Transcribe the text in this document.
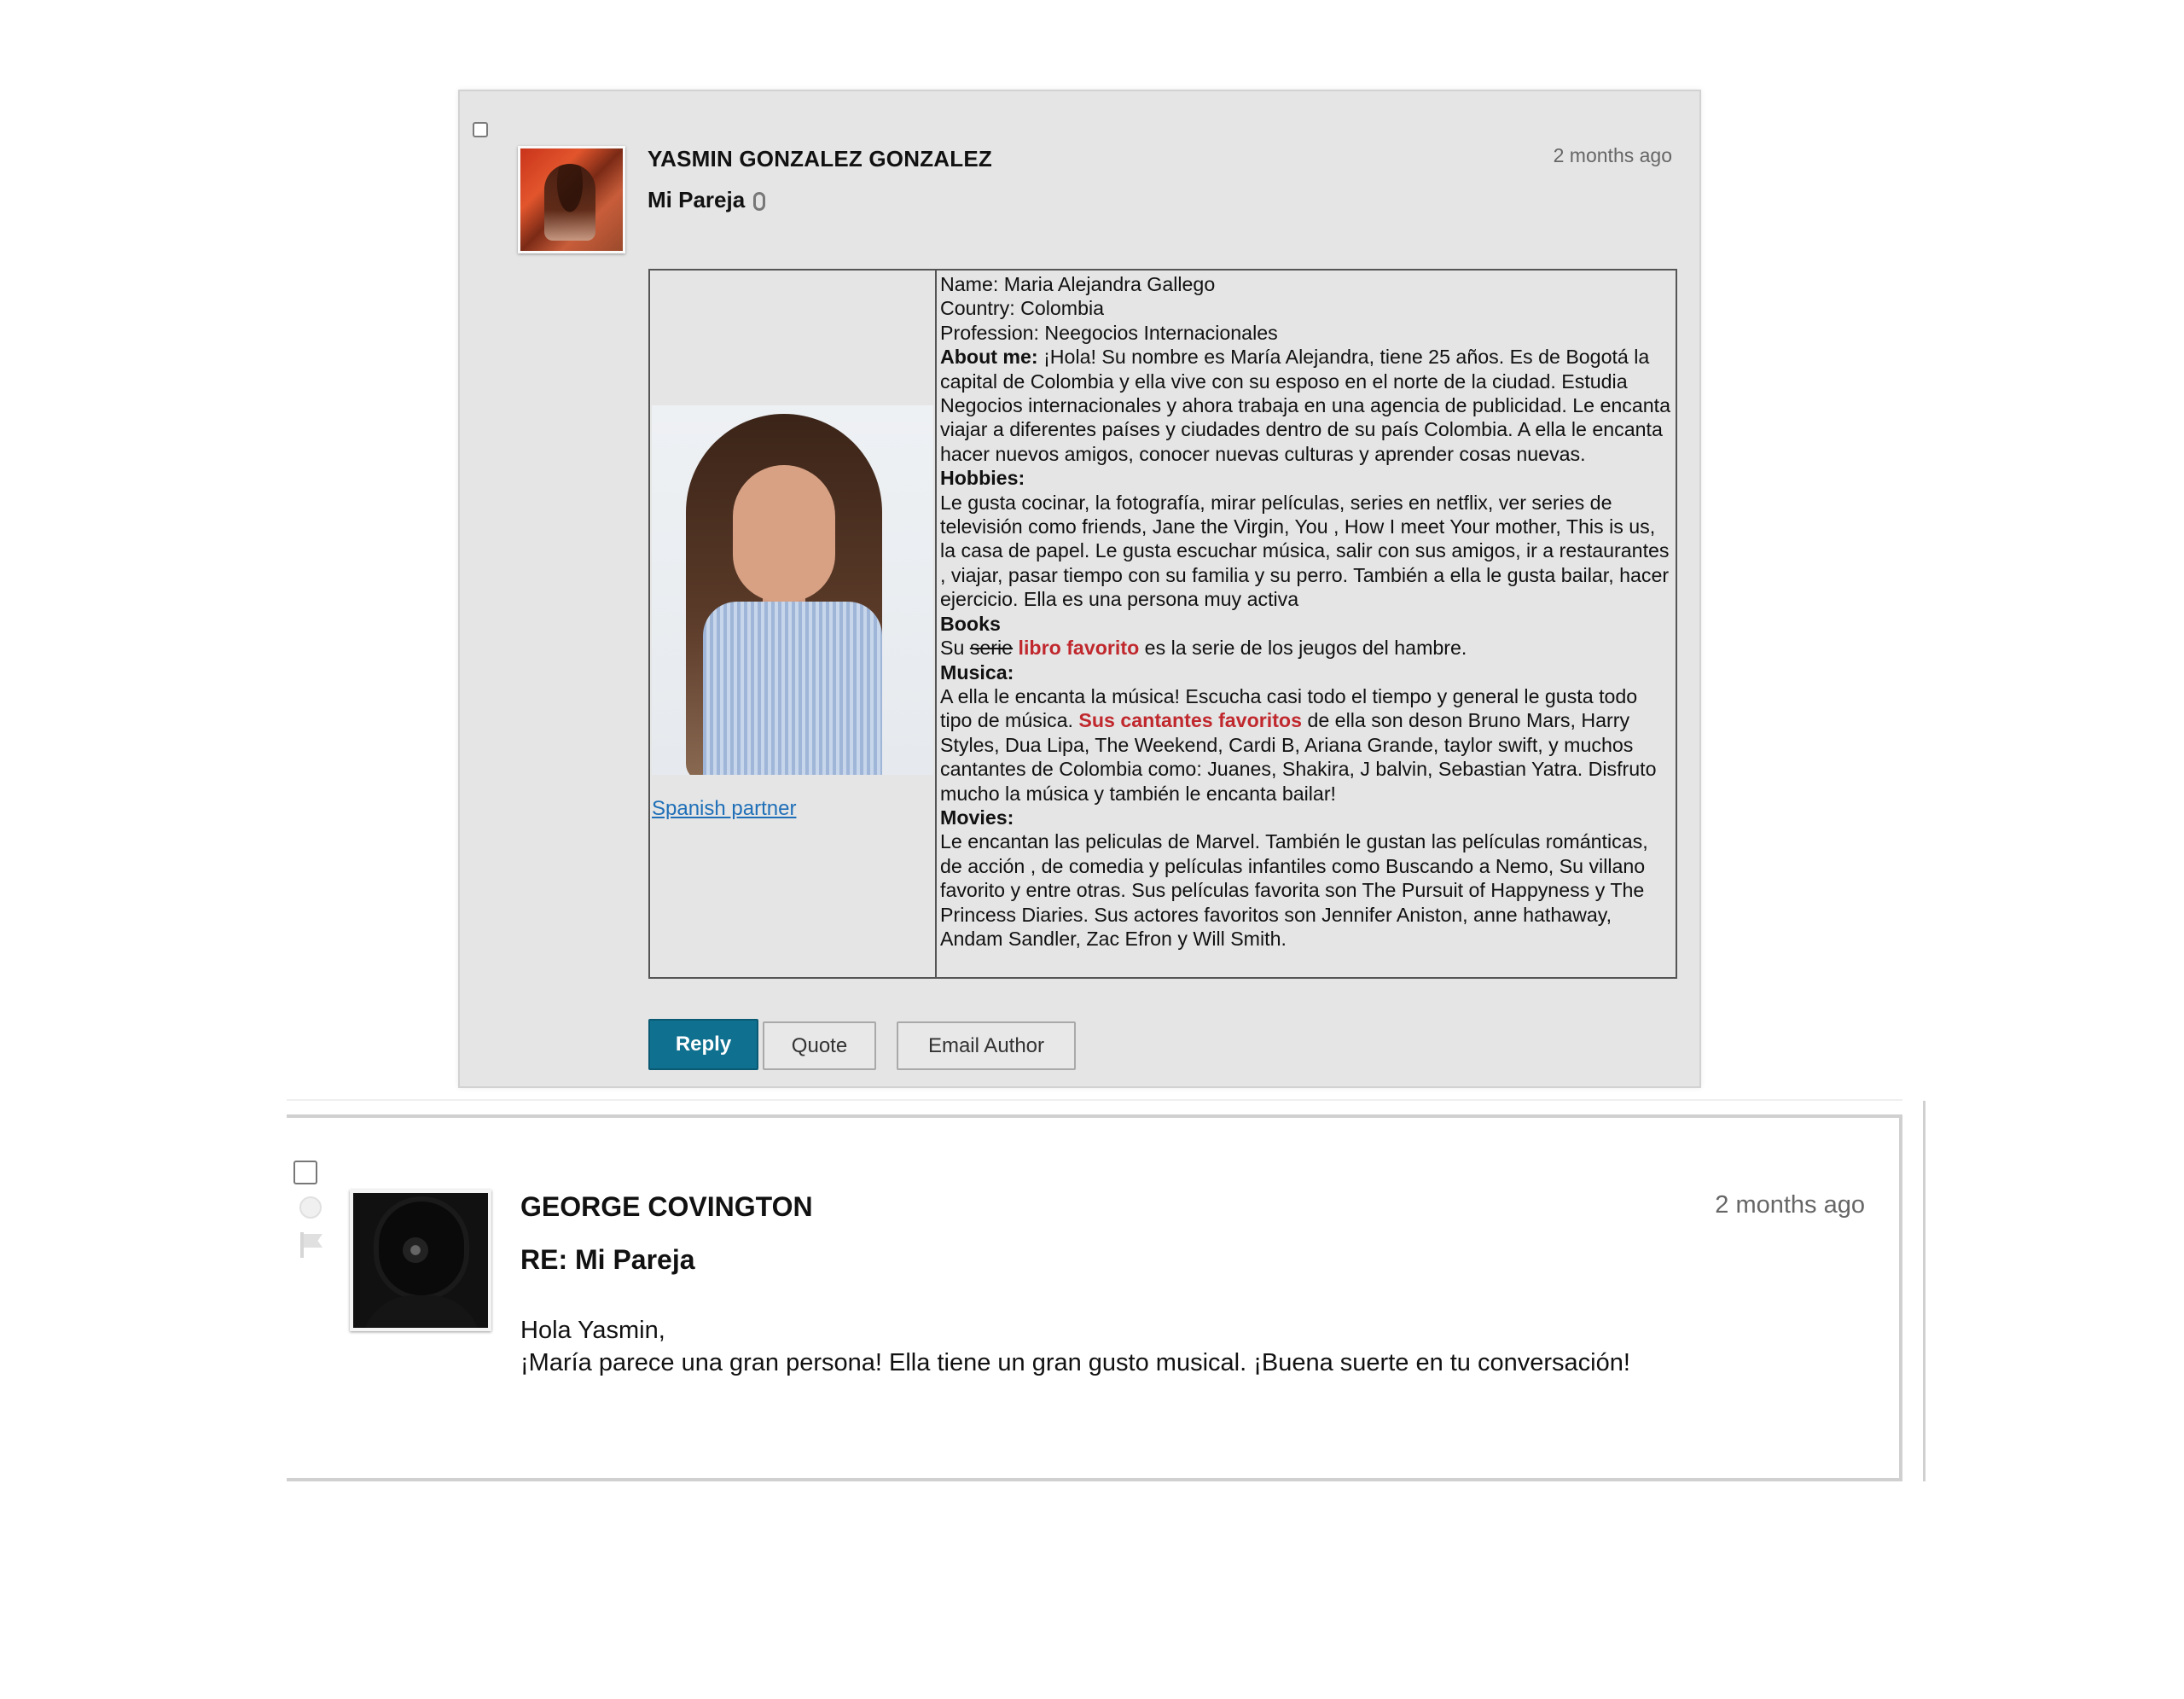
YASMIN GONZALEZ GONZALEZ	2 months ago
Mi Pareja
Spanish partner

Name: Maria Alejandra Gallego

Country: Colombia

Profession: Neegocios Internacionales

About me: ¡Hola! Su nombre es María Alejandra, tiene 25 años. Es de Bogotá la capital de Colombia y ella vive con su esposo en el norte de la ciudad. Estudia Negocios internacionales y ahora trabaja en una agencia de publicidad. Le encanta viajar a diferentes países y ciudades dentro de su país Colombia. A ella le encanta hacer nuevos amigos, conocer nuevas culturas y aprender cosas nuevas.

Hobbies:

Le gusta cocinar, la fotografía, mirar películas, series en netflix, ver series de televisión como friends, Jane the Virgin, You , How I meet Your mother, This is us, la casa de papel. Le gusta escuchar música, salir con sus amigos, ir a restaurantes , viajar, pasar tiempo con su familia y su perro. También a ella le gusta bailar, hacer ejercicio. Ella es una persona muy activa

Books

Su serie libro favorito es la serie de los jeugos del hambre.

Musica:

A ella le encanta la música! Escucha casi todo el tiempo y general le gusta todo tipo de música. Sus cantantes favoritos de ella son deson Bruno Mars, Harry Styles, Dua Lipa, The Weekend, Cardi B, Ariana Grande, taylor swift, y muchos cantantes de Colombia como: Juanes, Shakira, J balvin, Sebastian Yatra. Disfruto mucho la música y también le encanta bailar!

Movies:

Le encantan las peliculas de Marvel. También le gustan las películas románticas, de acción , de comedia y películas infantiles como Buscando a Nemo, Su villano favorito y entre otras. Sus películas favorita son The Pursuit of Happyness y The Princess Diaries. Sus actores favoritos son Jennifer Aniston, anne hathaway, Andam Sandler, Zac Efron y Will Smith.

Reply	Quote	Email Author
GEORGE COVINGTON	2 months ago
RE: Mi Pareja

Hola Yasmin,

¡María parece una gran persona! Ella tiene un gran gusto musical. ¡Buena suerte en tu conversación!
